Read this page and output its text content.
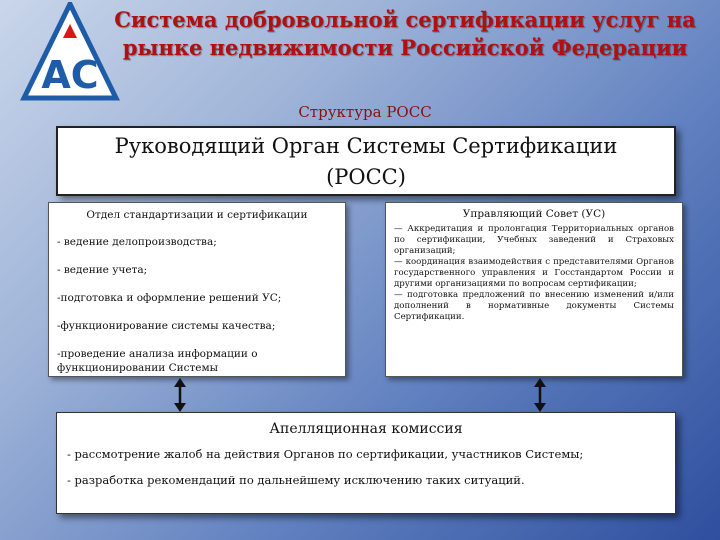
АС
Система добровольной сертификации услуг на
рынке недвижимости Российской Федерации
Структура РОСС
Руководящий Орган Системы Сертификации
(РОСС)
Отдел стандартизации и сертификации
- ведение делопроизводства;
- ведение учета;
-подготовка и оформление решений УС;
-функционирование системы качества;
-проведение анализа информации о функционировании Системы
Управляющий Совет (УС)

— Аккредитация и пролонгация Территориальных органов по сертификации, Учебных заведений и Страховых организаций;

— координация взаимодействия с представителями Органов государственного управления и Госстандартом России и другими организациями по вопросам сертификации;

— подготовка предложений по внесению изменений и/или дополнений в нормативные документы Системы Сертификации.

Апелляционная комиссия
- рассмотрение жалоб на действия Органов по сертификации, участников Системы;
- разработка рекомендаций по дальнейшему исключению таких ситуаций.
